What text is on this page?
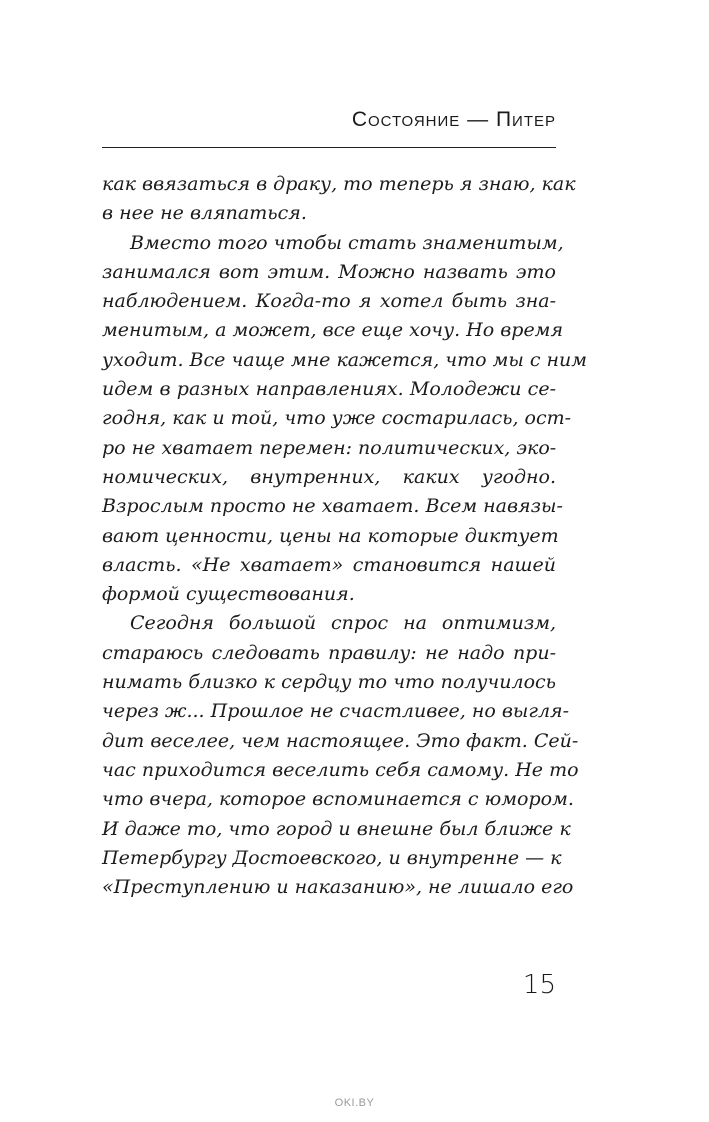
Состояние — Питер
как ввязаться в драку, то теперь я знаю, как
в нее не вляпаться.
Вместо того чтобы стать знаменитым,
занимался вот этим. Можно назвать это
наблюдением. Когда-то я хотел быть зна-
менитым, а может, все еще хочу. Но время
уходит. Все чаще мне кажется, что мы с ним
идем в разных направлениях. Молодежи се-
годня, как и той, что уже состарилась, ост-
ро не хватает перемен: политических, эко-
номических, внутренних, каких угодно.
Взрослым просто не хватает. Всем навязы-
вают ценности, цены на которые диктует
власть. «Не хватает» становится нашей
формой существования.
Сегодня большой спрос на оптимизм,
стараюсь следовать правилу: не надо при-
нимать близко к сердцу то что получилось
через ж... Прошлое не счастливее, но выгля-
дит веселее, чем настоящее. Это факт. Сей-
час приходится веселить себя самому. Не то
что вчера, которое вспоминается с юмором.
И даже то, что город и внешне был ближе к
Петербургу Достоевского, и внутренне — к
«Преступлению и наказанию», не лишало его
15
OKI.BY
